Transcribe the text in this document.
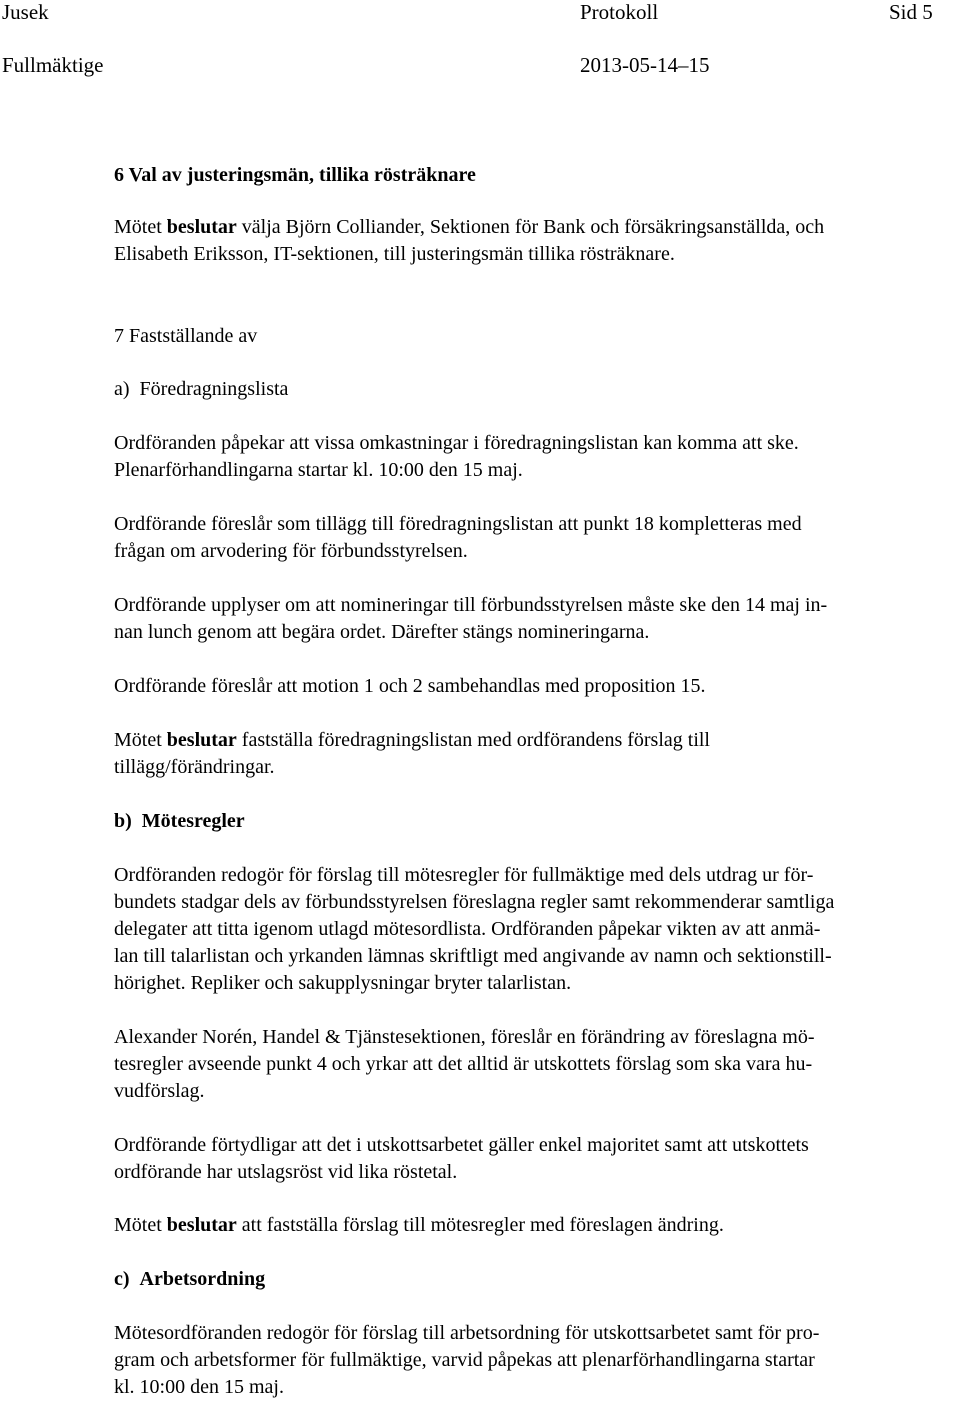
Jusek	Protokoll	Sid 5
Fullmäktige	2013-05-14–15
6 Val av justeringsmän, tillika rösträknare
Mötet beslutar välja Björn Colliander, Sektionen för Bank och försäkringsanställda, och
Elisabeth Eriksson, IT-sektionen, till justeringsmän tillika rösträknare.
7 Fastställande av
a) Föredragningslista
Ordföranden påpekar att vissa omkastningar i föredragningslistan kan komma att ske.
Plenarförhandlingarna startar kl. 10:00 den 15 maj.
Ordförande föreslår som tillägg till föredragningslistan att punkt 18 kompletteras med
frågan om arvodering för förbundsstyrelsen.
Ordförande upplyser om att nomineringar till förbundsstyrelsen måste ske den 14 maj in-
nan lunch genom att begära ordet. Därefter stängs nomineringarna.
Ordförande föreslår att motion 1 och 2 sambehandlas med proposition 15.
Mötet beslutar fastställa föredragningslistan med ordförandens förslag till
tillägg/förändringar.
b) Mötesregler
Ordföranden redogör för förslag till mötesregler för fullmäktige med dels utdrag ur för-
bundets stadgar dels av förbundsstyrelsen föreslagna regler samt rekommenderar samtliga
delegater att titta igenom utlagd mötesordlista. Ordföranden påpekar vikten av att anmä-
lan till talarlistan och yrkanden lämnas skriftligt med angivande av namn och sektionstill-
hörighet. Repliker och sakupplysningar bryter talarlistan.
Alexander Norén, Handel & Tjänstesektionen, föreslår en förändring av föreslagna mö-
tesregler avseende punkt 4 och yrkar att det alltid är utskottets förslag som ska vara hu-
vudförslag.
Ordförande förtydligar att det i utskottsarbetet gäller enkel majoritet samt att utskottets
ordförande har utslagsröst vid lika röstetal.
Mötet beslutar att fastställa förslag till mötesregler med föreslagen ändring.
c) Arbetsordning
Mötesordföranden redogör för förslag till arbetsordning för utskottsarbetet samt för pro-
gram och arbetsformer för fullmäktige, varvid påpekas att plenarförhandlingarna startar
kl. 10:00 den 15 maj.
